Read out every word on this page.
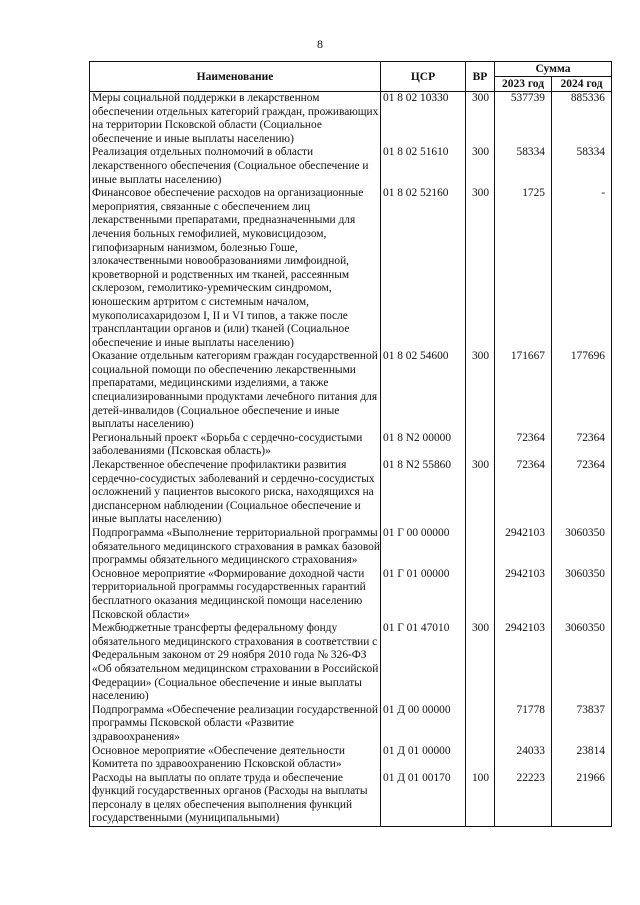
8
Наименование	ЦСР	ВР	Сумма	
			2023 год	2024 год
Меры социальной поддержки в лекарственном обеспечении отдельных категорий граждан, проживающих на территории Псковской области (Социальное обеспечение и иные выплаты населению)	01 8 02 10330	300	537739	885336
Реализация отдельных полномочий в области лекарственного обеспечения (Социальное обеспечение и иные выплаты населению)	01 8 02 51610	300	58334	58334
Финансовое обеспечение расходов на организационные мероприятия, связанные с обеспечением лиц лекарственными препаратами, предназначенными для лечения больных гемофилией, муковисцидозом, гипофизарным нанизмом, болезнью Гоше, злокачественными новообразованиями лимфоидной, кроветворной и родственных им тканей, рассеянным склерозом, гемолитико-уремическим синдромом, юношеским артритом с системным началом, мукополисахаридозом I, II и VI типов, а также после трансплантации органов и (или) тканей (Социальное обеспечение и иные выплаты населению)	01 8 02 52160	300	1725	-
Оказание отдельным категориям граждан государственной социальной помощи по обеспечению лекарственными препаратами, медицинскими изделиями, а также специализированными продуктами лечебного питания для детей-инвалидов (Социальное обеспечение и иные выплаты населению)	01 8 02 54600	300	171667	177696
Региональный проект «Борьба с сердечно-сосудистыми заболеваниями (Псковская область)»	01 8 N2 00000		72364	72364
Лекарственное обеспечение профилактики развития сердечно-сосудистых заболеваний и сердечно-сосудистых осложнений у пациентов высокого риска, находящихся на диспансерном наблюдении (Социальное обеспечение и иные выплаты населению)	01 8 N2 55860	300	72364	72364
Подпрограмма «Выполнение территориальной программы обязательного медицинского страхования в рамках базовой программы обязательного медицинского страхования»	01 Г 00 00000		2942103	3060350
Основное мероприятие «Формирование доходной части территориальной программы государственных гарантий бесплатного оказания медицинской помощи населению Псковской области»	01 Г 01 00000		2942103	3060350
Межбюджетные трансферты федеральному фонду обязательного медицинского страхования в соответствии с Федеральным законом от 29 ноября 2010 года № 326-ФЗ «Об обязательном медицинском страховании в Российской Федерации» (Социальное обеспечение и иные выплаты населению)	01 Г 01 47010	300	2942103	3060350
Подпрограмма «Обеспечение реализации государственной программы Псковской области «Развитие здравоохранения»	01 Д 00 00000		71778	73837
Основное мероприятие «Обеспечение деятельности Комитета по здравоохранению Псковской области»	01 Д 01 00000		24033	23814
Расходы на выплаты по оплате труда и обеспечение функций государственных органов (Расходы на выплаты персоналу в целях обеспечения выполнения функций государственными (муниципальными)	01 Д 01 00170	100	22223	21966
